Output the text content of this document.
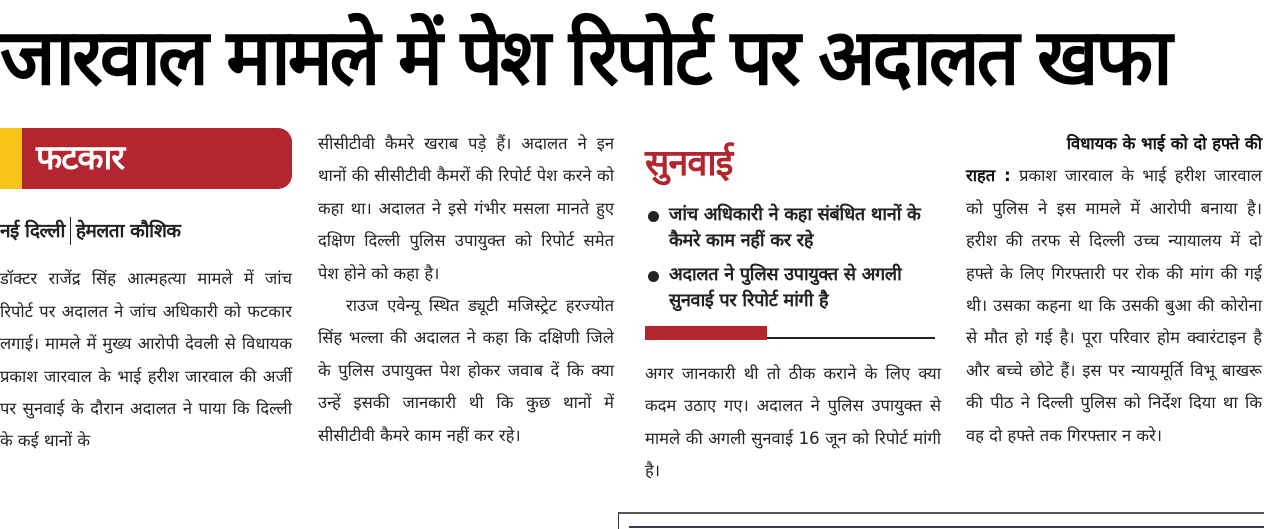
जारवाल मामले में पेश रिपोर्ट पर अदालत खफा
फटकार
नई दिल्ली हेमलता कौशिक

डॉक्टर राजेंद्र सिंह आत्महत्या मामले में जांच रिपोर्ट पर अदालत ने जांच अधिकारी को फटकार लगाई। मामले में मुख्य आरोपी देवली से विधायक प्रकाश जारवाल के भाई हरीश जारवाल की अर्जी पर सुनवाई के दौरान अदालत ने पाया कि दिल्ली के कई थानों के

सीसीटीवी कैमरे खराब पड़े हैं। अदालत ने इन थानों की सीसीटीवी कैमरों की रिपोर्ट पेश करने को कहा था। अदालत ने इसे गंभीर मसला मानते हुए दक्षिण दिल्ली पुलिस उपायुक्त को रिपोर्ट समेत पेश होने को कहा है।

राउज एवेन्यू स्थित ड्यूटी मजिस्ट्रेट हरज्योत सिंह भल्ला की अदालत ने कहा कि दक्षिणी जिले के पुलिस उपायुक्त पेश होकर जवाब दें कि क्या उन्हें इसकी जानकारी थी कि कुछ थानों में सीसीटीवी कैमरे काम नहीं कर रहे।

सुनवाई
जांच अधिकारी ने कहा संबंधित थानों के कैमरे काम नहीं कर रहे
अदालत ने पुलिस उपायुक्त से अगली सुनवाई पर रिपोर्ट मांगी है

अगर जानकारी थी तो ठीक कराने के लिए क्या कदम उठाए गए। अदालत ने पुलिस उपायुक्त से मामले की अगली सुनवाई 16 जून को रिपोर्ट मांगी है।

विधायक के भाई को दो हफ्ते की

राहत : प्रकाश जारवाल के भाई हरीश जारवाल को पुलिस ने इस मामले में आरोपी बनाया है। हरीश की तरफ से दिल्ली उच्च न्यायालय में दो हफ्ते के लिए गिरफ्तारी पर रोक की मांग की गई थी। उसका कहना था कि उसकी बुआ की कोरोना से मौत हो गई है। पूरा परिवार होम क्वारंटाइन है और बच्चे छोटे हैं। इस पर न्यायमूर्ति विभू बाखरू की पीठ ने दिल्ली पुलिस को निर्देश दिया था कि वह दो हफ्ते तक गिरफ्तार न करे।
